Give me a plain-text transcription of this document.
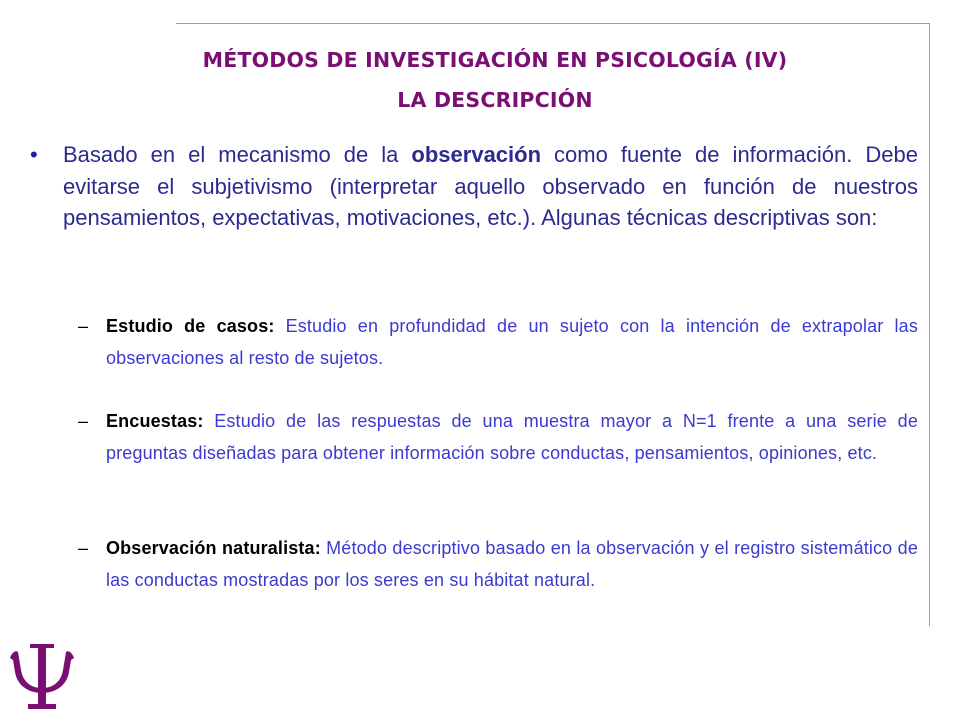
MÉTODOS DE INVESTIGACIÓN EN PSICOLOGÍA (IV)
LA DESCRIPCIÓN
• Basado en el mecanismo de la observación como fuente de información. Debe evitarse el subjetivismo (interpretar aquello observado en función de nuestros pensamientos, expectativas, motivaciones, etc.). Algunas técnicas descriptivas son:
– Estudio de casos: Estudio en profundidad de un sujeto con la intención de extrapolar las observaciones al resto de sujetos.
– Encuestas: Estudio de las respuestas de una muestra mayor a N=1 frente a una serie de preguntas diseñadas para obtener información sobre conductas, pensamientos, opiniones, etc.
– Observación naturalista: Método descriptivo basado en la observación y el registro sistemático de las conductas mostradas por los seres en su hábitat natural.
